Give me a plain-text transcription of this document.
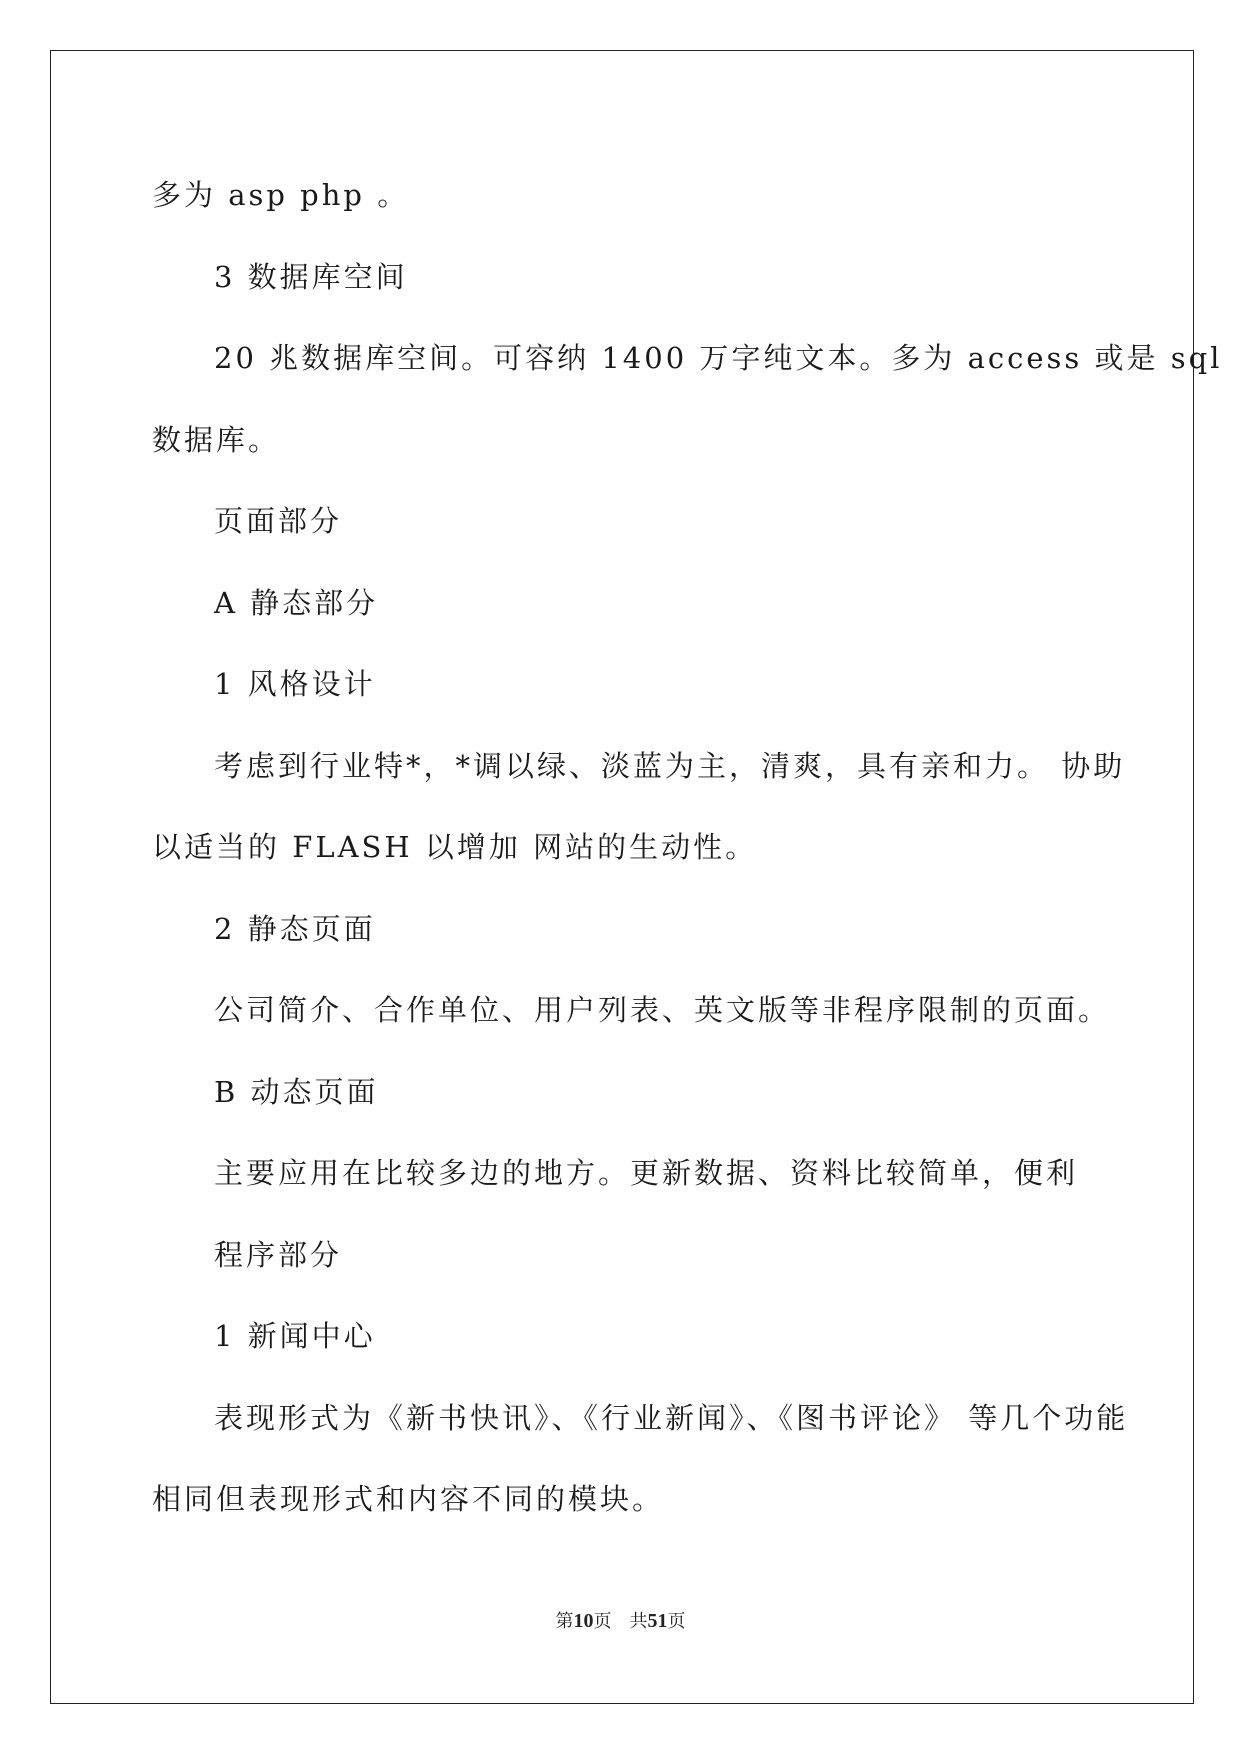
多为 asp php 。
3 数据库空间
20 兆数据库空间。可容纳 1400 万字纯文本。多为 access 或是 sql
数据库。
页面部分
A 静态部分
1 风格设计
考虑到行业特*，*调以绿、淡蓝为主，清爽，具有亲和力。 协助
以适当的 FLASH 以增加 网站的生动性。
2 静态页面
公司简介、合作单位、用户列表、英文版等非程序限制的页面。
B 动态页面
主要应用在比较多边的地方。更新数据、资料比较简单，便利
程序部分
1 新闻中心
表现形式为《新书快讯》、《行业新闻》、《图书评论》 等几个功能
相同但表现形式和内容不同的模块。
第10页 共51页
